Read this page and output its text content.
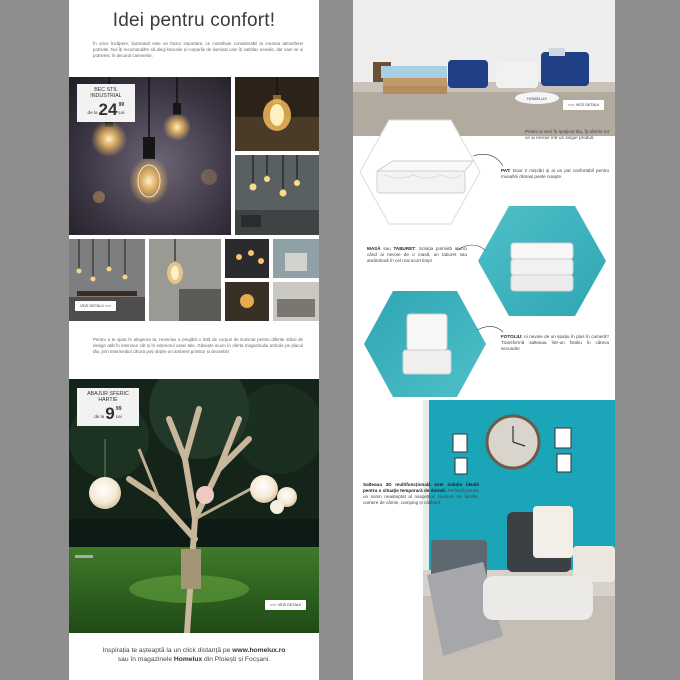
Idei pentru confort!
În orice încăpere, iluminatul este un factor important, ce contribuie considerabil la crearea atmosferei potrivite. Noi îți recomandăm să alegi becurile și corpurile de iluminat care îți satisfac nevoile, dar care se și potrivesc în decorul camerelor.
BEC STIL
INDUSTRIAL
de la 24 99
Lei
VEZI DETALII >>>
Pentru a te ajuta în alegerea ta, Homelux a pregătit o listă de corpuri de iluminat pentru diferite stiluri de design atât în interioru! cât și în exteriorul casei tale. Găsește acum în oferta magazinului articole pe placul tău, prin intermediul cărora poți obține un ambient primitor și deosebit!
ABAJUR SFERIC
HARTIE
de la 9 99
Lei
<<< VEZI DETALII
Inspirația te așteaptă la un click distanță pe www.homelux.ro
sau în magazinele Homelux din Ploiești și Focșani.
HOMELUX
<<< VEZI DETALII
Pentru a veni în sprijinul tău, îți oferim tot ce ai nevoie într-un singur produs:
PAT: Doar 2 mișcări și ai un pat confortabil pentru musafirii rămași peste noapte.
MASĂ sau TABURET: Soluția potrivită atunci când ai nevoie de o masă, un taburet sau amândouă în cel mai scurt timp!
FOTOLIU: Ai nevoie de un spațiu în plus în cameră? Transformă salteaua într-un fotoliu în câteva secunde!
Salteaua 3D multifuncțională este soluția ideală pentru o situație temporară de dormit. Perfectă pentru un somn neașteptat al oaspeților, reuniuni de familie, camere de cămin, camping și călătorii.
